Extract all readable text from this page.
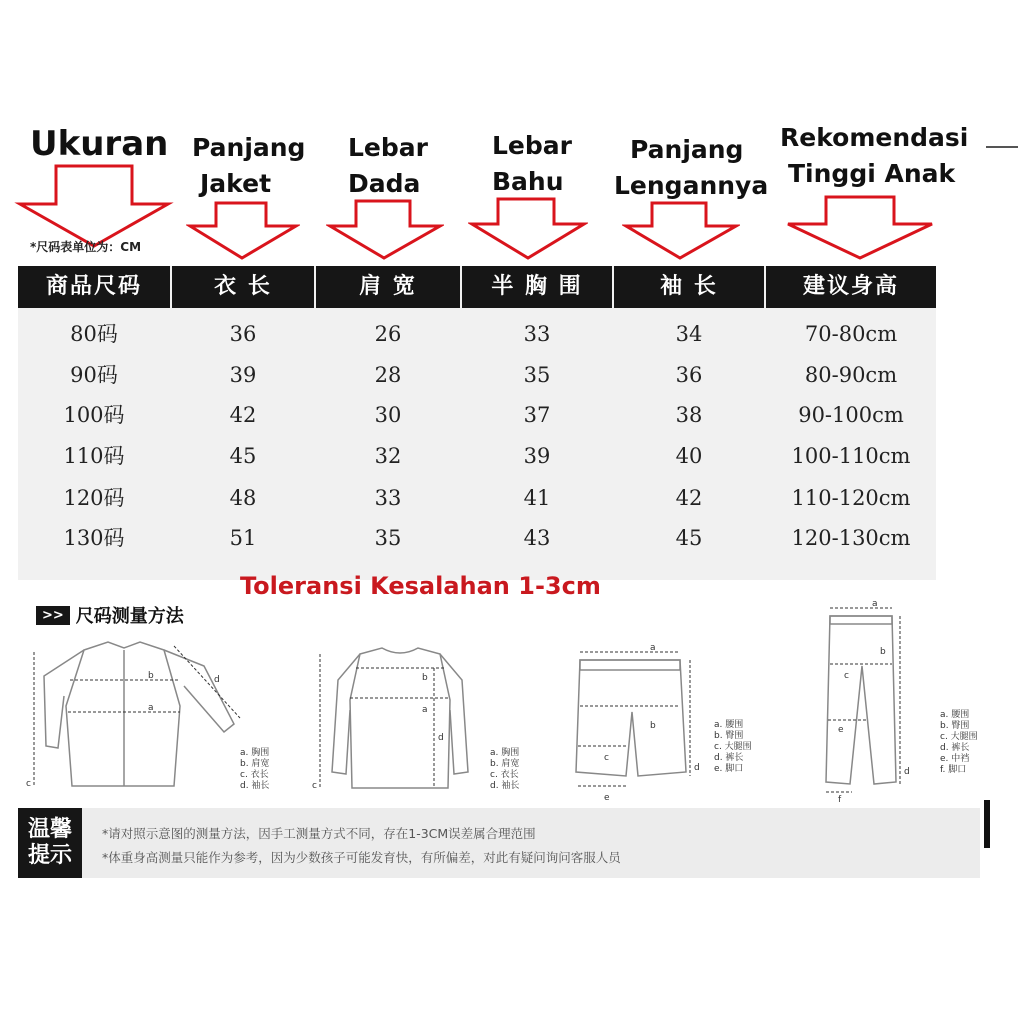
Ukuran Panjang
Jaket
Lebar
Dada
Lebar
Bahu
Panjang
Lengannya
Rekomendasi
Tinggi Anak
*尺码表单位为：CM
商品尺码	衣 长	肩 宽	半 胸 围	袖 长	建议身高
80码	36	26	33	34	70-80cm
90码	39	28	35	36	80-90cm
100码	42	30	37	38	90-100cm
110码	45	32	39	40	100-110cm
120码	48	33	41	42	110-120cm
130码	51	35	43	45	120-130cm
Toleransi Kesalahan 1-3cm
>> 尺码测量方法
b
a
c
d
a. 胸围
b. 肩宽
c. 衣长
d. 袖长
b
a
c
d
a. 胸围
b. 肩宽
c. 衣长
d. 袖长
a
b
c
d
e
a. 腰围
b. 臀围
c. 大腿围
d. 裤长
e. 脚口
a
b
c
d
e
f
a. 腰围
b. 臀围
c. 大腿围
d. 裤长
e. 中裆
f. 脚口
温馨
提示
*请对照示意图的测量方法，因手工测量方式不同，存在1-3CM误差属合理范围
*体重身高测量只能作为参考，因为少数孩子可能发育快，有所偏差，对此有疑问询问客服人员
